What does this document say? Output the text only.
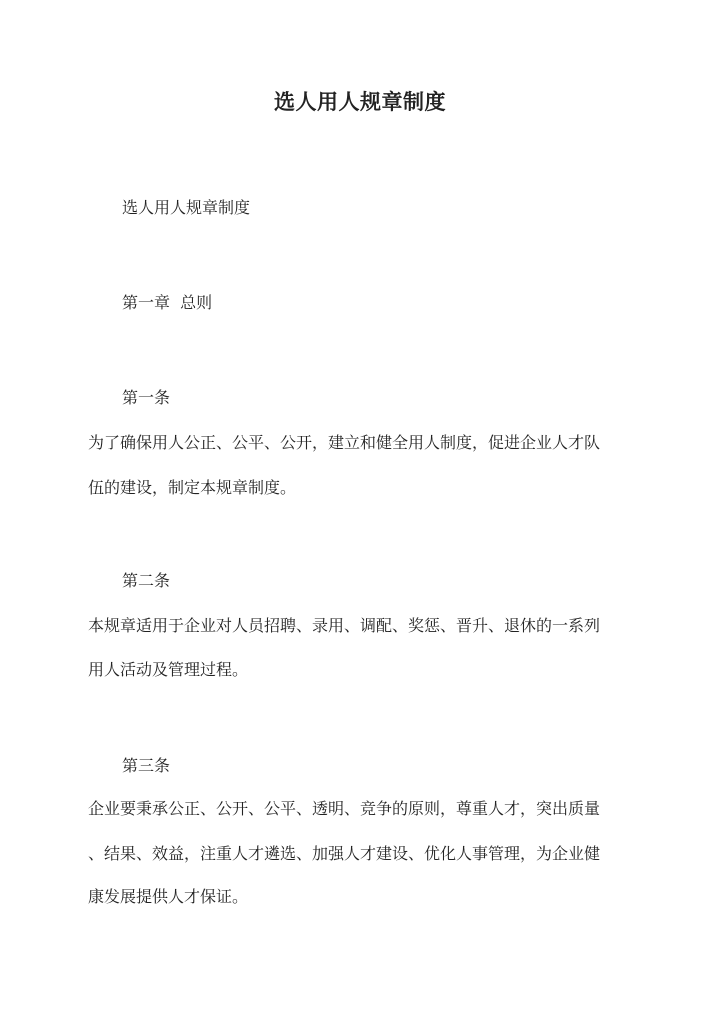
选人用人规章制度
选人用人规章制度
第一章  总则
第一条
为了确保用人公正、公平、公开，建立和健全用人制度，促进企业人才队
伍的建设，制定本规章制度。
第二条
本规章适用于企业对人员招聘、录用、调配、奖惩、晋升、退休的一系列
用人活动及管理过程。
第三条
企业要秉承公正、公开、公平、透明、竞争的原则，尊重人才，突出质量
、结果、效益，注重人才遴选、加强人才建设、优化人事管理，为企业健
康发展提供人才保证。
